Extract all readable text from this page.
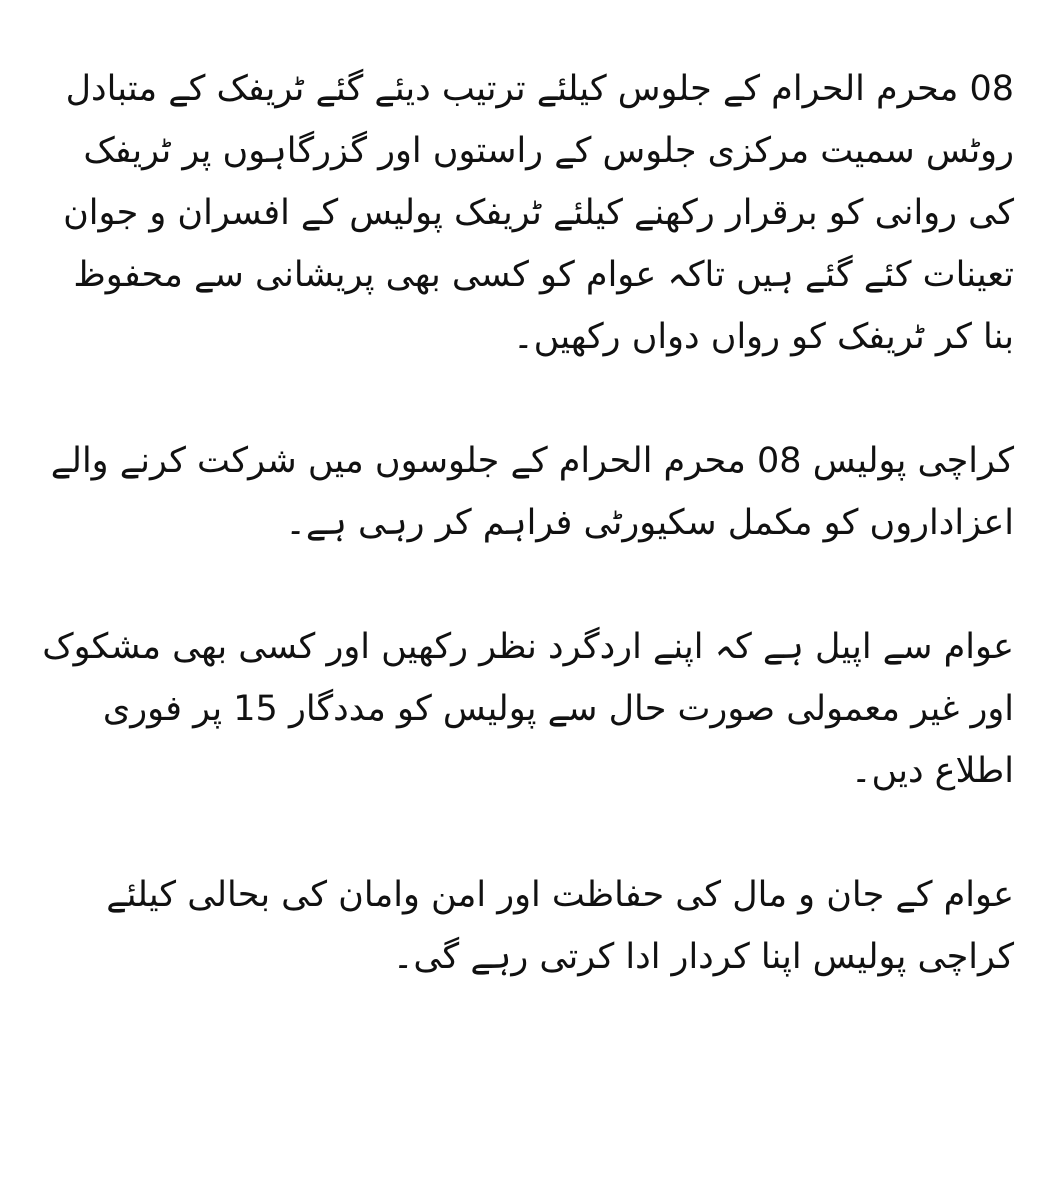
08 محرم الحرام کے جلوس کیلئے ترتیب دیئے گئے ٹریفک کے متبادل روٹس سمیت مرکزی جلوس کے راستوں اور گزرگاہوں پر ٹریفک کی روانی کو برقرار رکھنے کیلئے ٹریفک پولیس کے افسران و جوان تعینات کئے گئے ہیں تاکہ عوام کو کسی بھی پریشانی سے محفوظ بنا کر ٹریفک کو رواں دواں رکھیں۔

کراچی پولیس 08 محرم الحرام کے جلوسوں میں شرکت کرنے والے اعزاداروں کو مکمل سکیورٹی فراہم کر رہی ہے۔

عوام سے اپیل ہے کہ اپنے اردگرد نظر رکھیں اور کسی بھی مشکوک اور غیر معمولی صورت حال سے پولیس کو مددگار 15 پر فوری اطلاع دیں۔

عوام کے جان و مال کی حفاظت اور امن وامان کی بحالی کیلئے کراچی پولیس اپنا کردار ادا کرتی رہے گی۔
